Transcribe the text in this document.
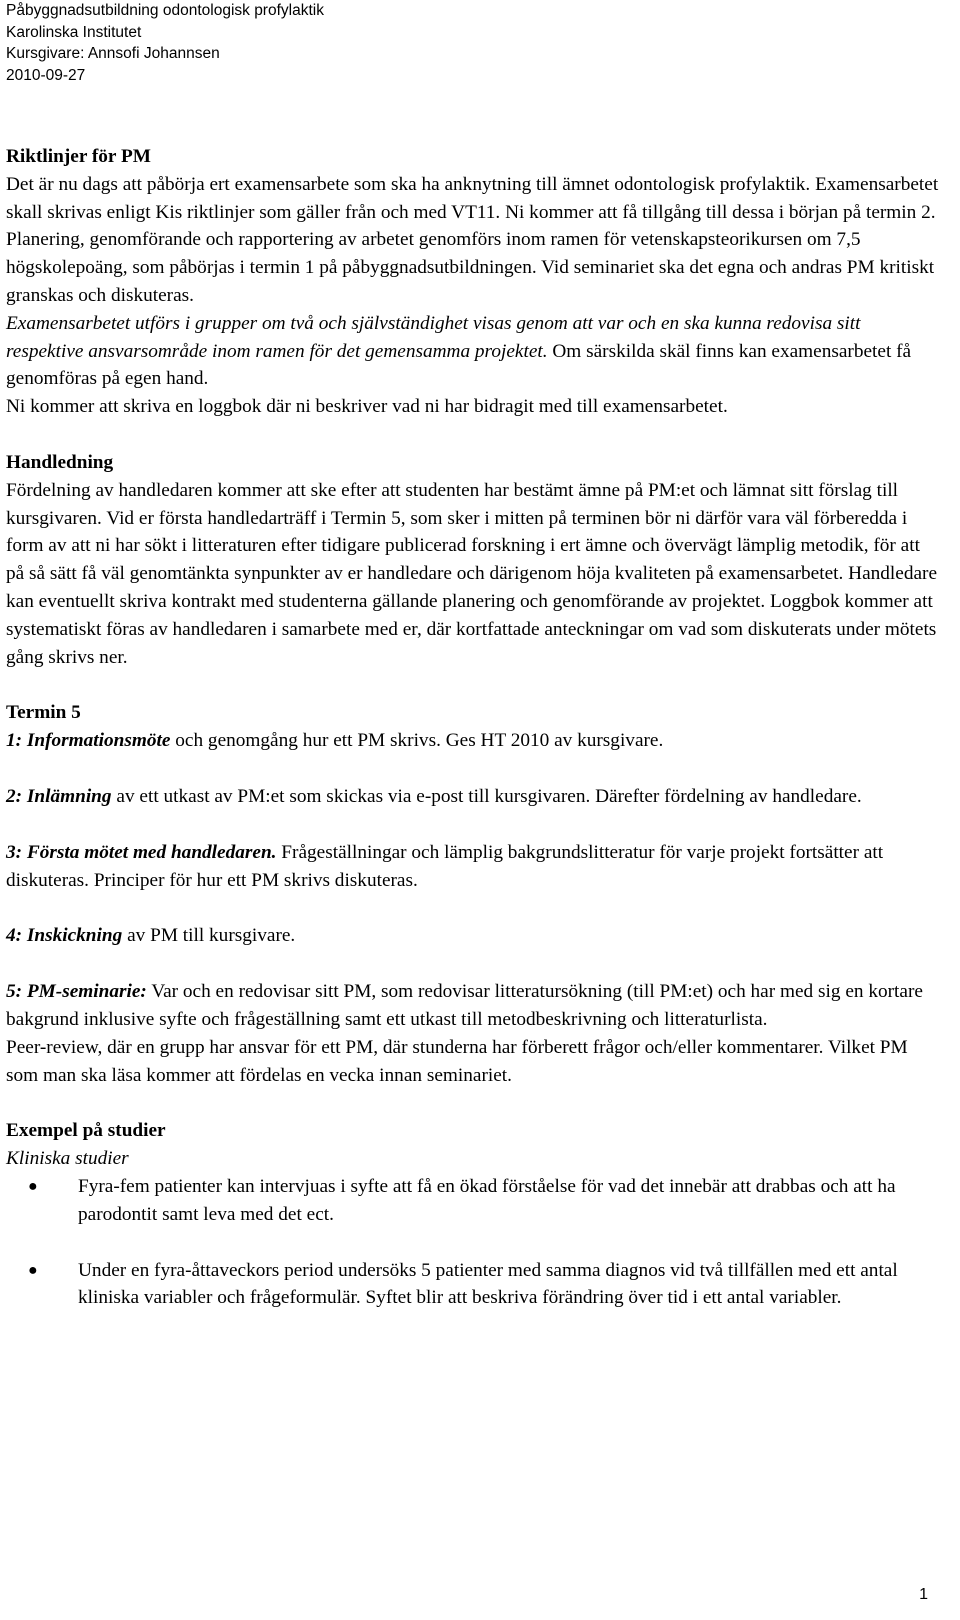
Påbyggnadsutbildning odontologisk profylaktik
Karolinska Institutet
Kursgivare: Annsofi Johannsen
2010-09-27

Riktlinjer för PM

Det är nu dags att påbörja ert examensarbete som ska ha anknytning till ämnet odontologisk profylaktik. Examensarbetet skall skrivas enligt Kis riktlinjer som gäller från och med VT11. Ni kommer att få tillgång till dessa i början på termin 2. Planering, genomförande och rapportering av arbetet genomförs inom ramen för vetenskapsteorikursen om 7,5 högskolepoäng, som påbörjas i termin 1 på påbyggnadsutbildningen. Vid seminariet ska det egna och andras PM kritiskt granskas och diskuteras.

Examensarbetet utförs i grupper om två och självständighet visas genom att var och en ska kunna redovisa sitt respektive ansvarsområde inom ramen för det gemensamma projektet. Om särskilda skäl finns kan examensarbetet få genomföras på egen hand.

Ni kommer att skriva en loggbok där ni beskriver vad ni har bidragit med till examensarbetet.

Handledning

Fördelning av handledaren kommer att ske efter att studenten har bestämt ämne på PM:et och lämnat sitt förslag till kursgivaren. Vid er första handledarträff i Termin 5, som sker i mitten på terminen bör ni därför vara väl förberedda i form av att ni har sökt i litteraturen efter tidigare publicerad forskning i ert ämne och övervägt lämplig metodik, för att på så sätt få väl genomtänkta synpunkter av er handledare och därigenom höja kvaliteten på examensarbetet. Handledare kan eventuellt skriva kontrakt med studenterna gällande planering och genomförande av projektet. Loggbok kommer att systematiskt föras av handledaren i samarbete med er, där kortfattade anteckningar om vad som diskuterats under mötets gång skrivs ner.

Termin 5

1: Informationsmöte och genomgång hur ett PM skrivs. Ges HT 2010 av kursgivare.

2: Inlämning av ett utkast av PM:et som skickas via e-post till kursgivaren. Därefter fördelning av handledare.

3: Första mötet med handledaren. Frågeställningar och lämplig bakgrundslitteratur för varje projekt fortsätter att diskuteras. Principer för hur ett PM skrivs diskuteras.

4: Inskickning av PM till kursgivare.

5: PM-seminarie: Var och en redovisar sitt PM, som redovisar litteratursökning (till PM:et) och har med sig en kortare bakgrund inklusive syfte och frågeställning samt ett utkast till metodbeskrivning och litteraturlista.

Peer-review, där en grupp har ansvar för ett PM, där stunderna har förberett frågor och/eller kommentarer. Vilket PM som man ska läsa kommer att fördelas en vecka innan seminariet.

Exempel på studier

Kliniska studier

● Fyra-fem patienter kan intervjuas i syfte att få en ökad förståelse för vad det innebär att drabbas och att ha parodontit samt leva med det ect.
● Under en fyra-åttaveckors period undersöks 5 patienter med samma diagnos vid två tillfällen med ett antal kliniska variabler och frågeformulär. Syftet blir att beskriva förändring över tid i ett antal variabler.
1
